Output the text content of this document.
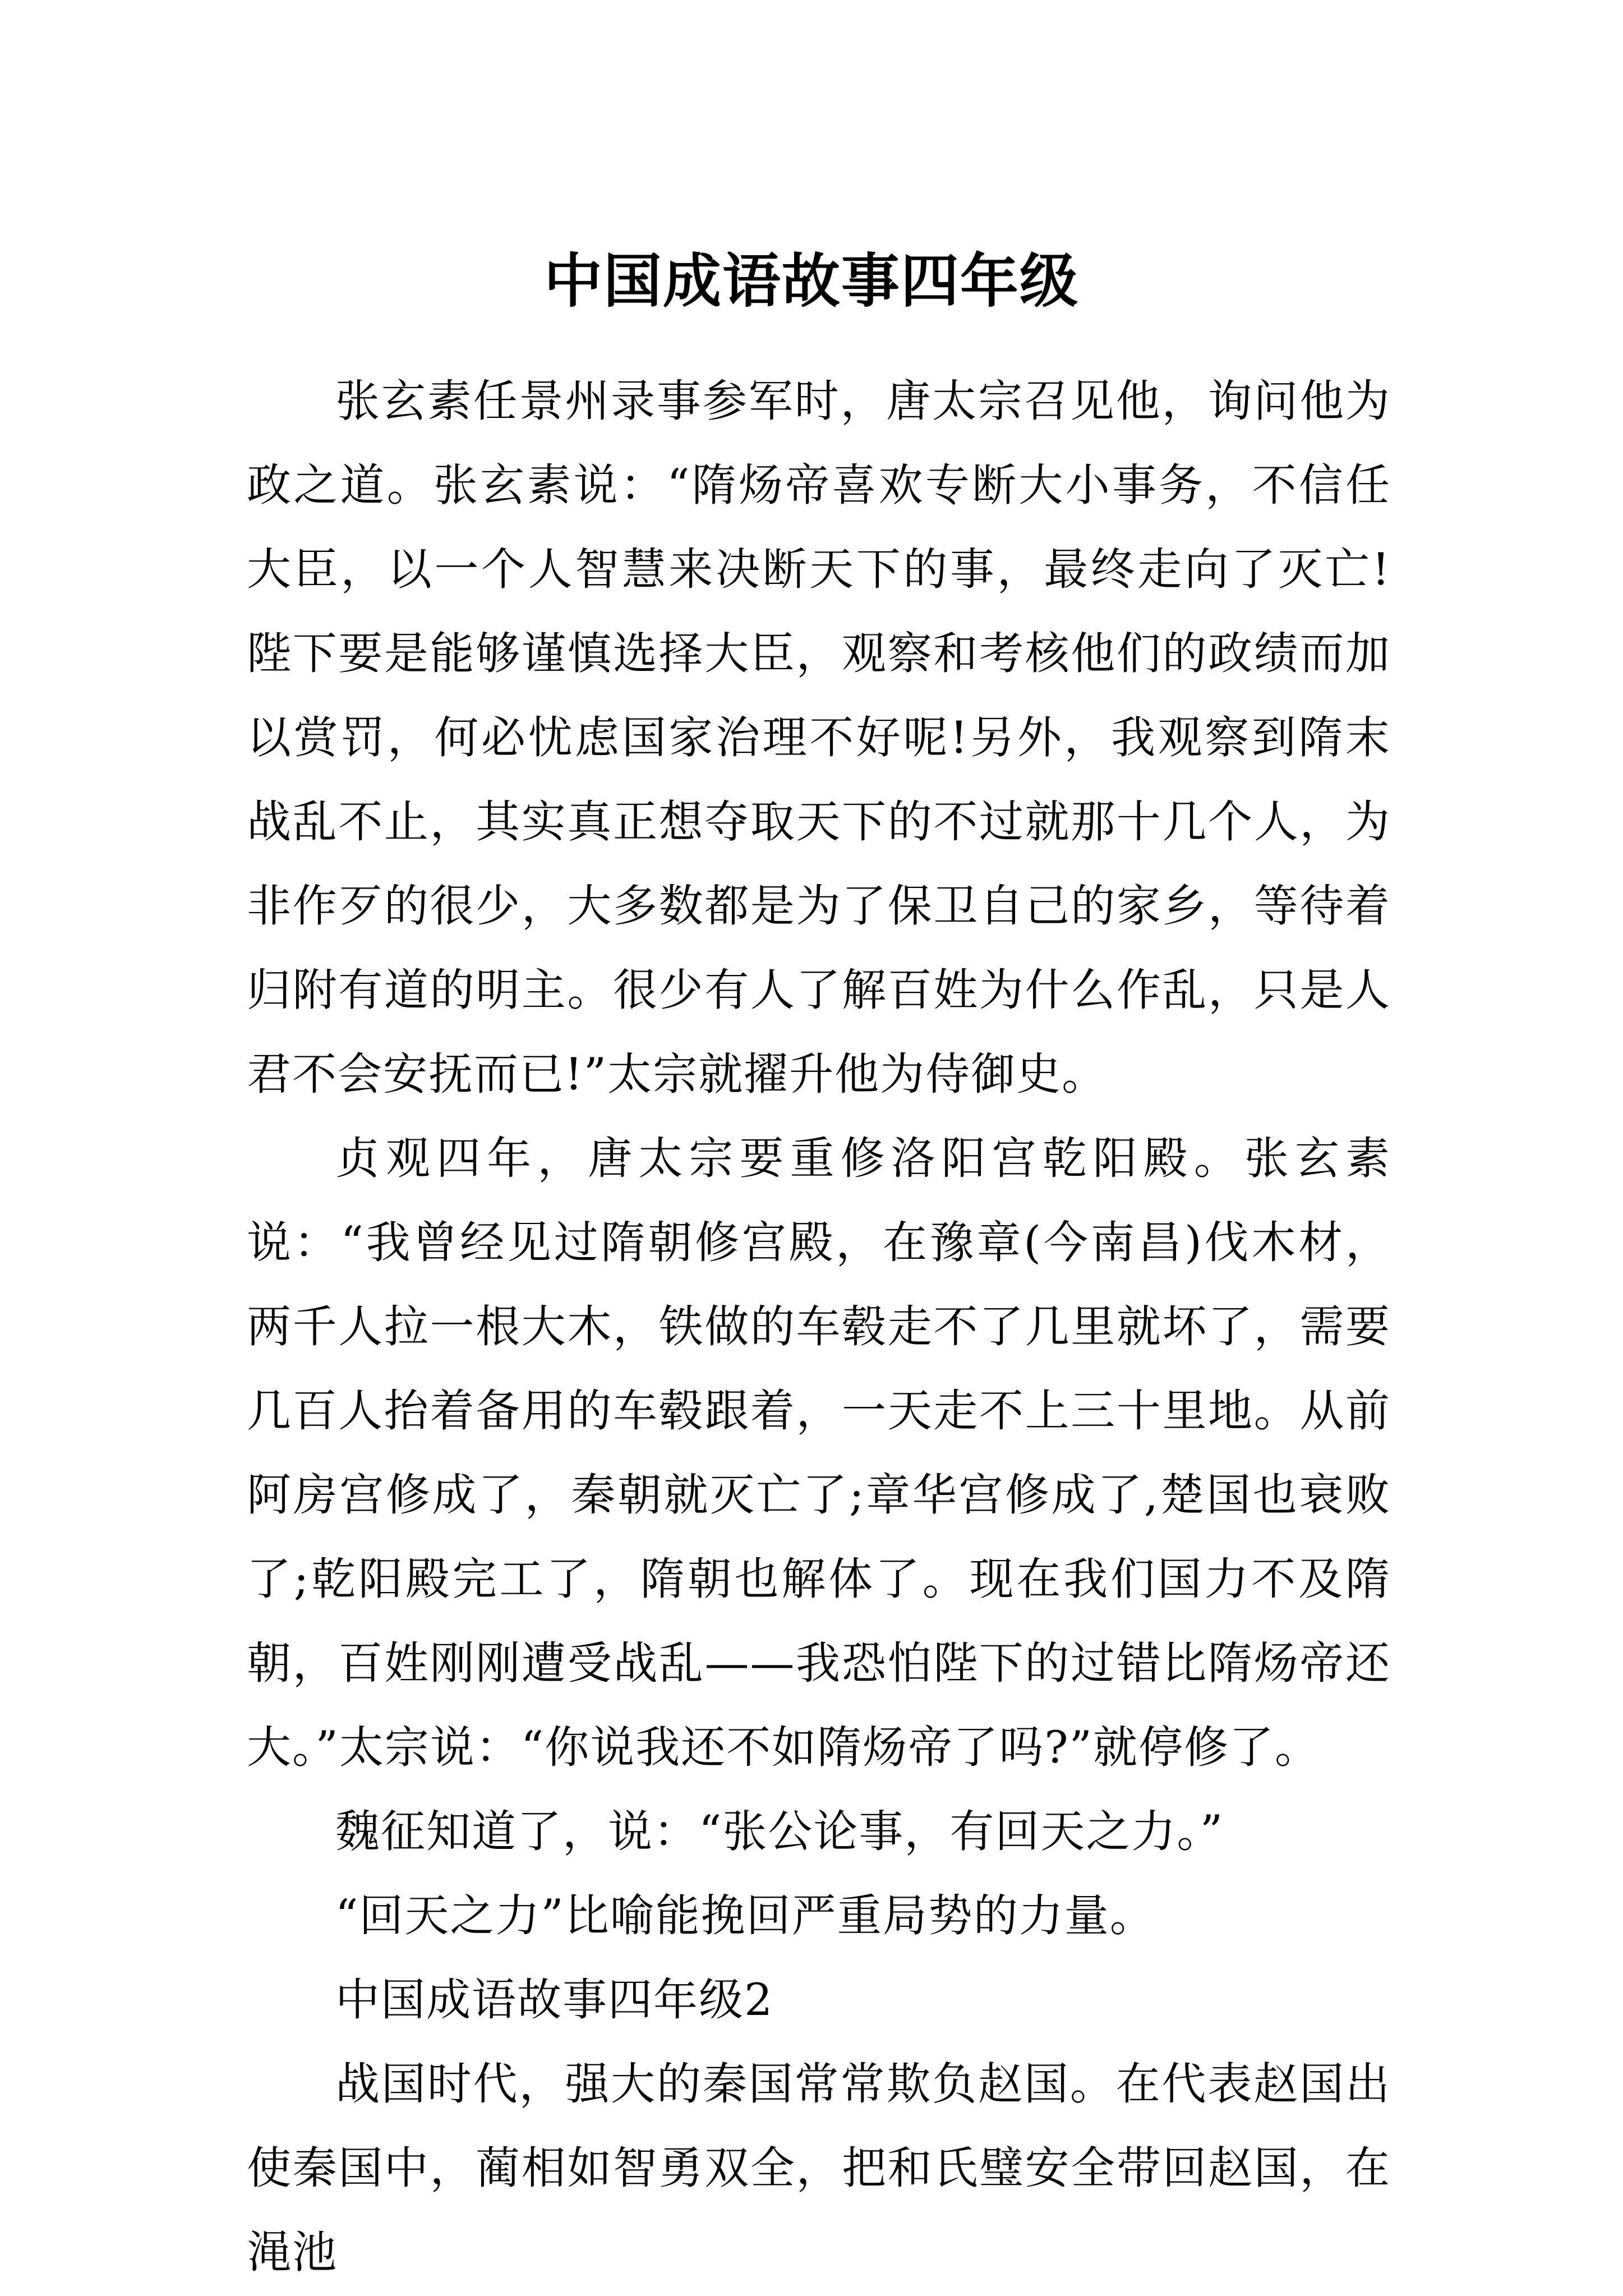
中国成语故事四年级

张玄素任景州录事参军时，唐太宗召见他，询问他为政之道。张玄素说：“隋炀帝喜欢专断大小事务，不信任大臣，以一个人智慧来决断天下的事，最终走向了灭亡!陛下要是能够谨慎选择大臣，观察和考核他们的政绩而加以赏罚，何必忧虑国家治理不好呢!另外，我观察到隋末战乱不止，其实真正想夺取天下的不过就那十几个人，为非作歹的很少，大多数都是为了保卫自己的家乡，等待着归附有道的明主。很少有人了解百姓为什么作乱，只是人君不会安抚而已!”太宗就擢升他为侍御史。

贞观四年，唐太宗要重修洛阳宫乾阳殿。张玄素说：“我曾经见过隋朝修宫殿，在豫章(今南昌)伐木材，两千人拉一根大木，铁做的车毂走不了几里就坏了，需要几百人抬着备用的车毂跟着，一天走不上三十里地。从前阿房宫修成了，秦朝就灭亡了;章华宫修成了,楚国也衰败了;乾阳殿完工了，隋朝也解体了。现在我们国力不及隋朝，百姓刚刚遭受战乱——我恐怕陛下的过错比隋炀帝还大。”太宗说：“你说我还不如隋炀帝了吗?”就停修了。

魏征知道了，说：“张公论事，有回天之力。”

“回天之力”比喻能挽回严重局势的力量。

中国成语故事四年级2

战国时代，强大的秦国常常欺负赵国。在代表赵国出使秦国中，蔺相如智勇双全，把和氏璧安全带回赵国，在渑池
